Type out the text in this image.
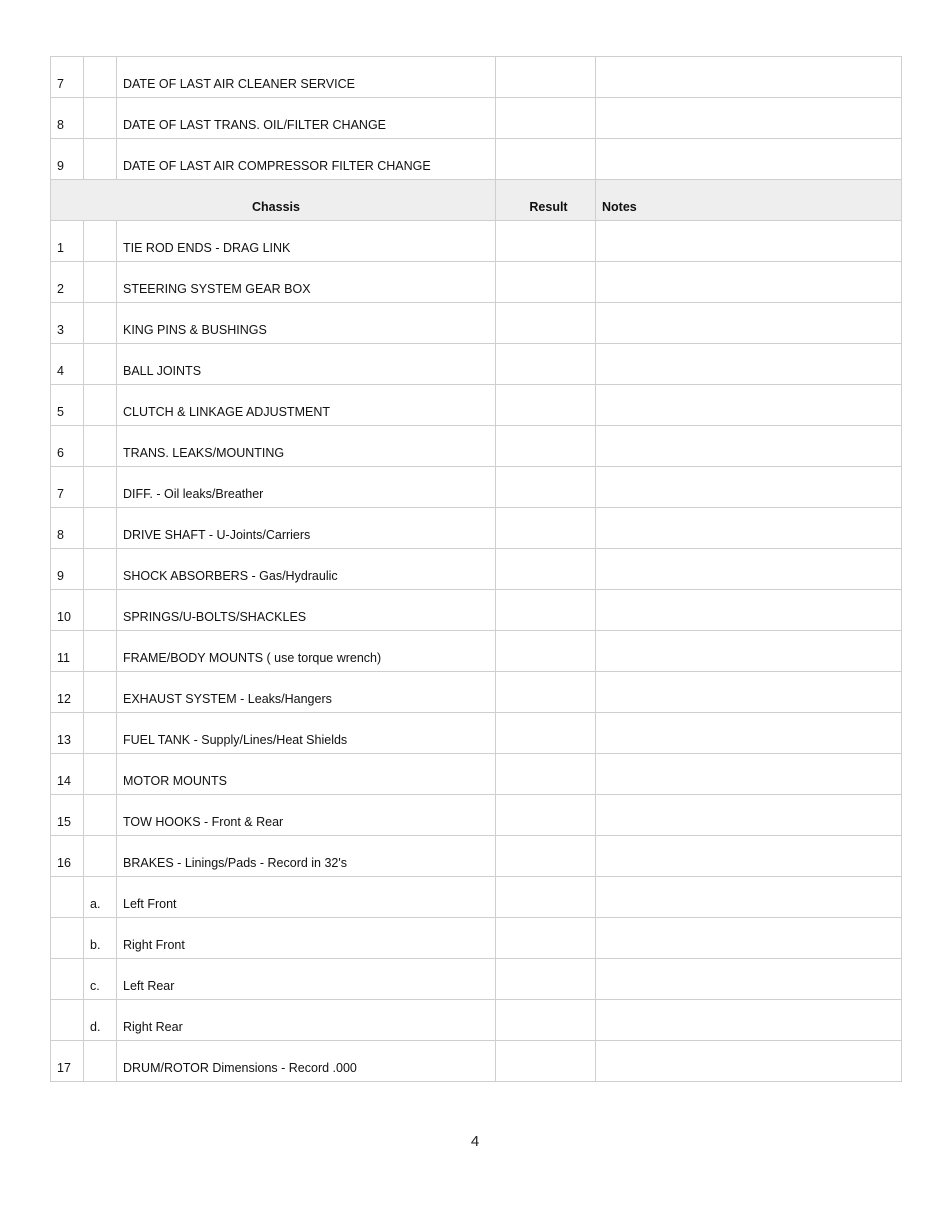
7		DATE OF LAST AIR CLEANER SERVICE		
8		DATE OF LAST TRANS. OIL/FILTER CHANGE		
9		DATE OF LAST AIR COMPRESSOR FILTER CHANGE		
Chassis			Result	Notes
1		TIE ROD ENDS - DRAG LINK		
2		STEERING SYSTEM GEAR BOX		
3		KING PINS & BUSHINGS		
4		BALL JOINTS		
5		CLUTCH & LINKAGE ADJUSTMENT		
6		TRANS. LEAKS/MOUNTING		
7		DIFF. - Oil leaks/Breather		
8		DRIVE SHAFT - U-Joints/Carriers		
9		SHOCK ABSORBERS - Gas/Hydraulic		
10		SPRINGS/U-BOLTS/SHACKLES		
11		FRAME/BODY MOUNTS ( use torque wrench)		
12		EXHAUST SYSTEM - Leaks/Hangers		
13		FUEL TANK - Supply/Lines/Heat Shields		
14		MOTOR MOUNTS		
15		TOW HOOKS - Front & Rear		
16		BRAKES - Linings/Pads - Record in 32's		
	a.	Left Front		
	b.	Right Front		
	c.	Left Rear		
	d.	Right Rear		
17		DRUM/ROTOR Dimensions - Record .000		
4
